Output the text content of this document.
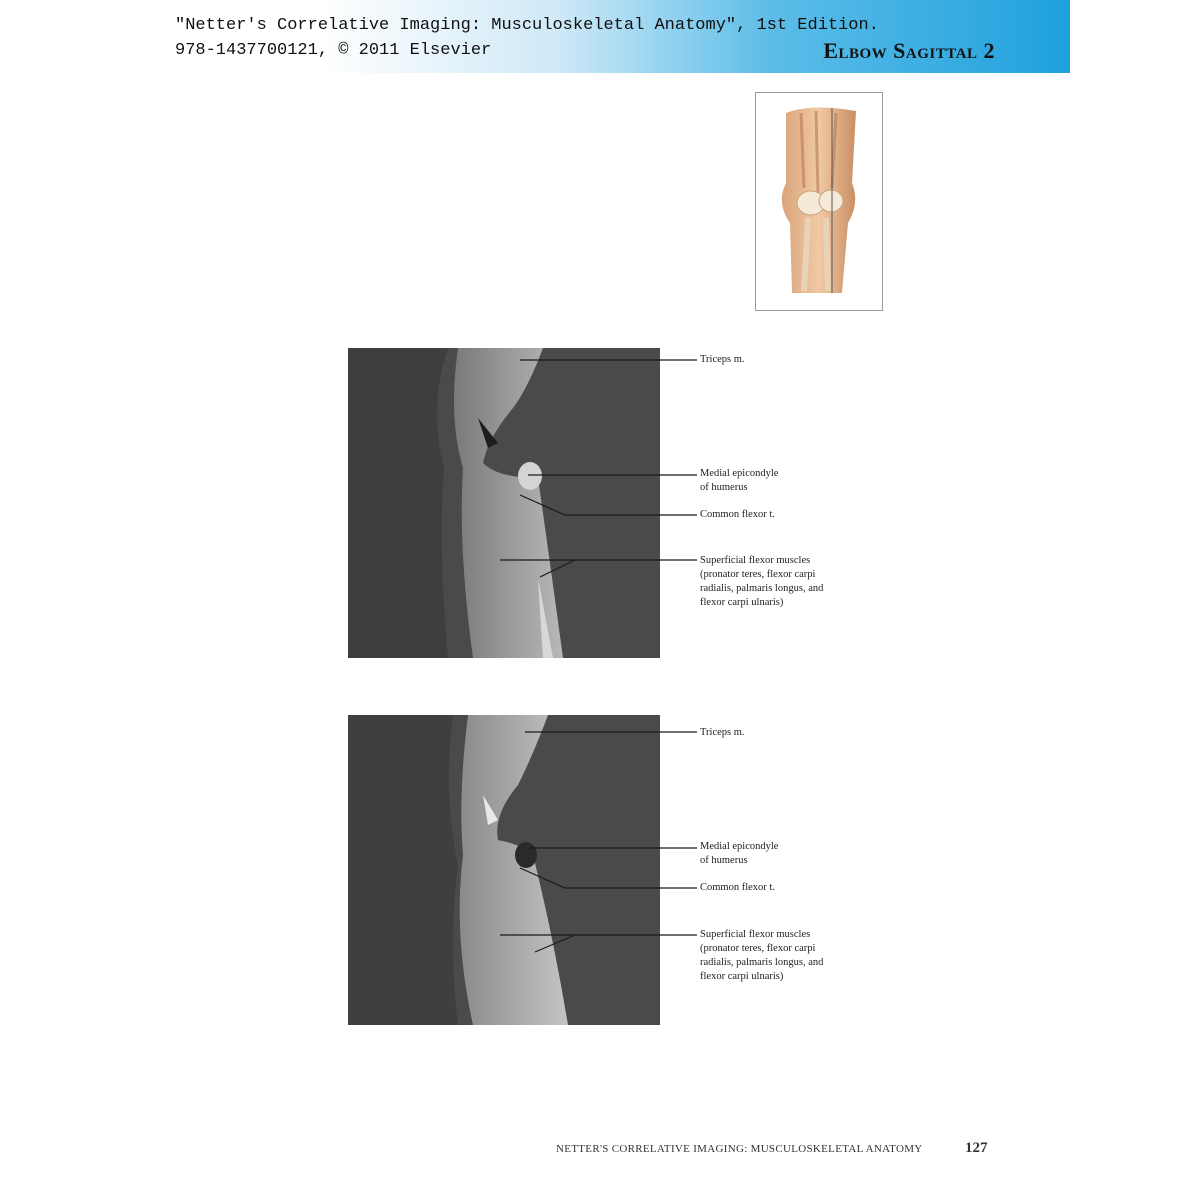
"Netter's Correlative Imaging: Musculoskeletal Anatomy", 1st Edition.
978-1437700121, © 2011 Elsevier	Elbow Sagittal 2
Triceps m.
Medial epicondyle
of humerus
Common flexor t.
Superficial flexor muscles
(pronator teres, flexor carpi
radialis, palmaris longus, and
flexor carpi ulnaris)
Triceps m.
Medial epicondyle
of humerus
Common flexor t.
Superficial flexor muscles
(pronator teres, flexor carpi
radialis, palmaris longus, and
flexor carpi ulnaris)
NETTER'S CORRELATIVE IMAGING: MUSCULOSKELETAL ANATOMY	127
